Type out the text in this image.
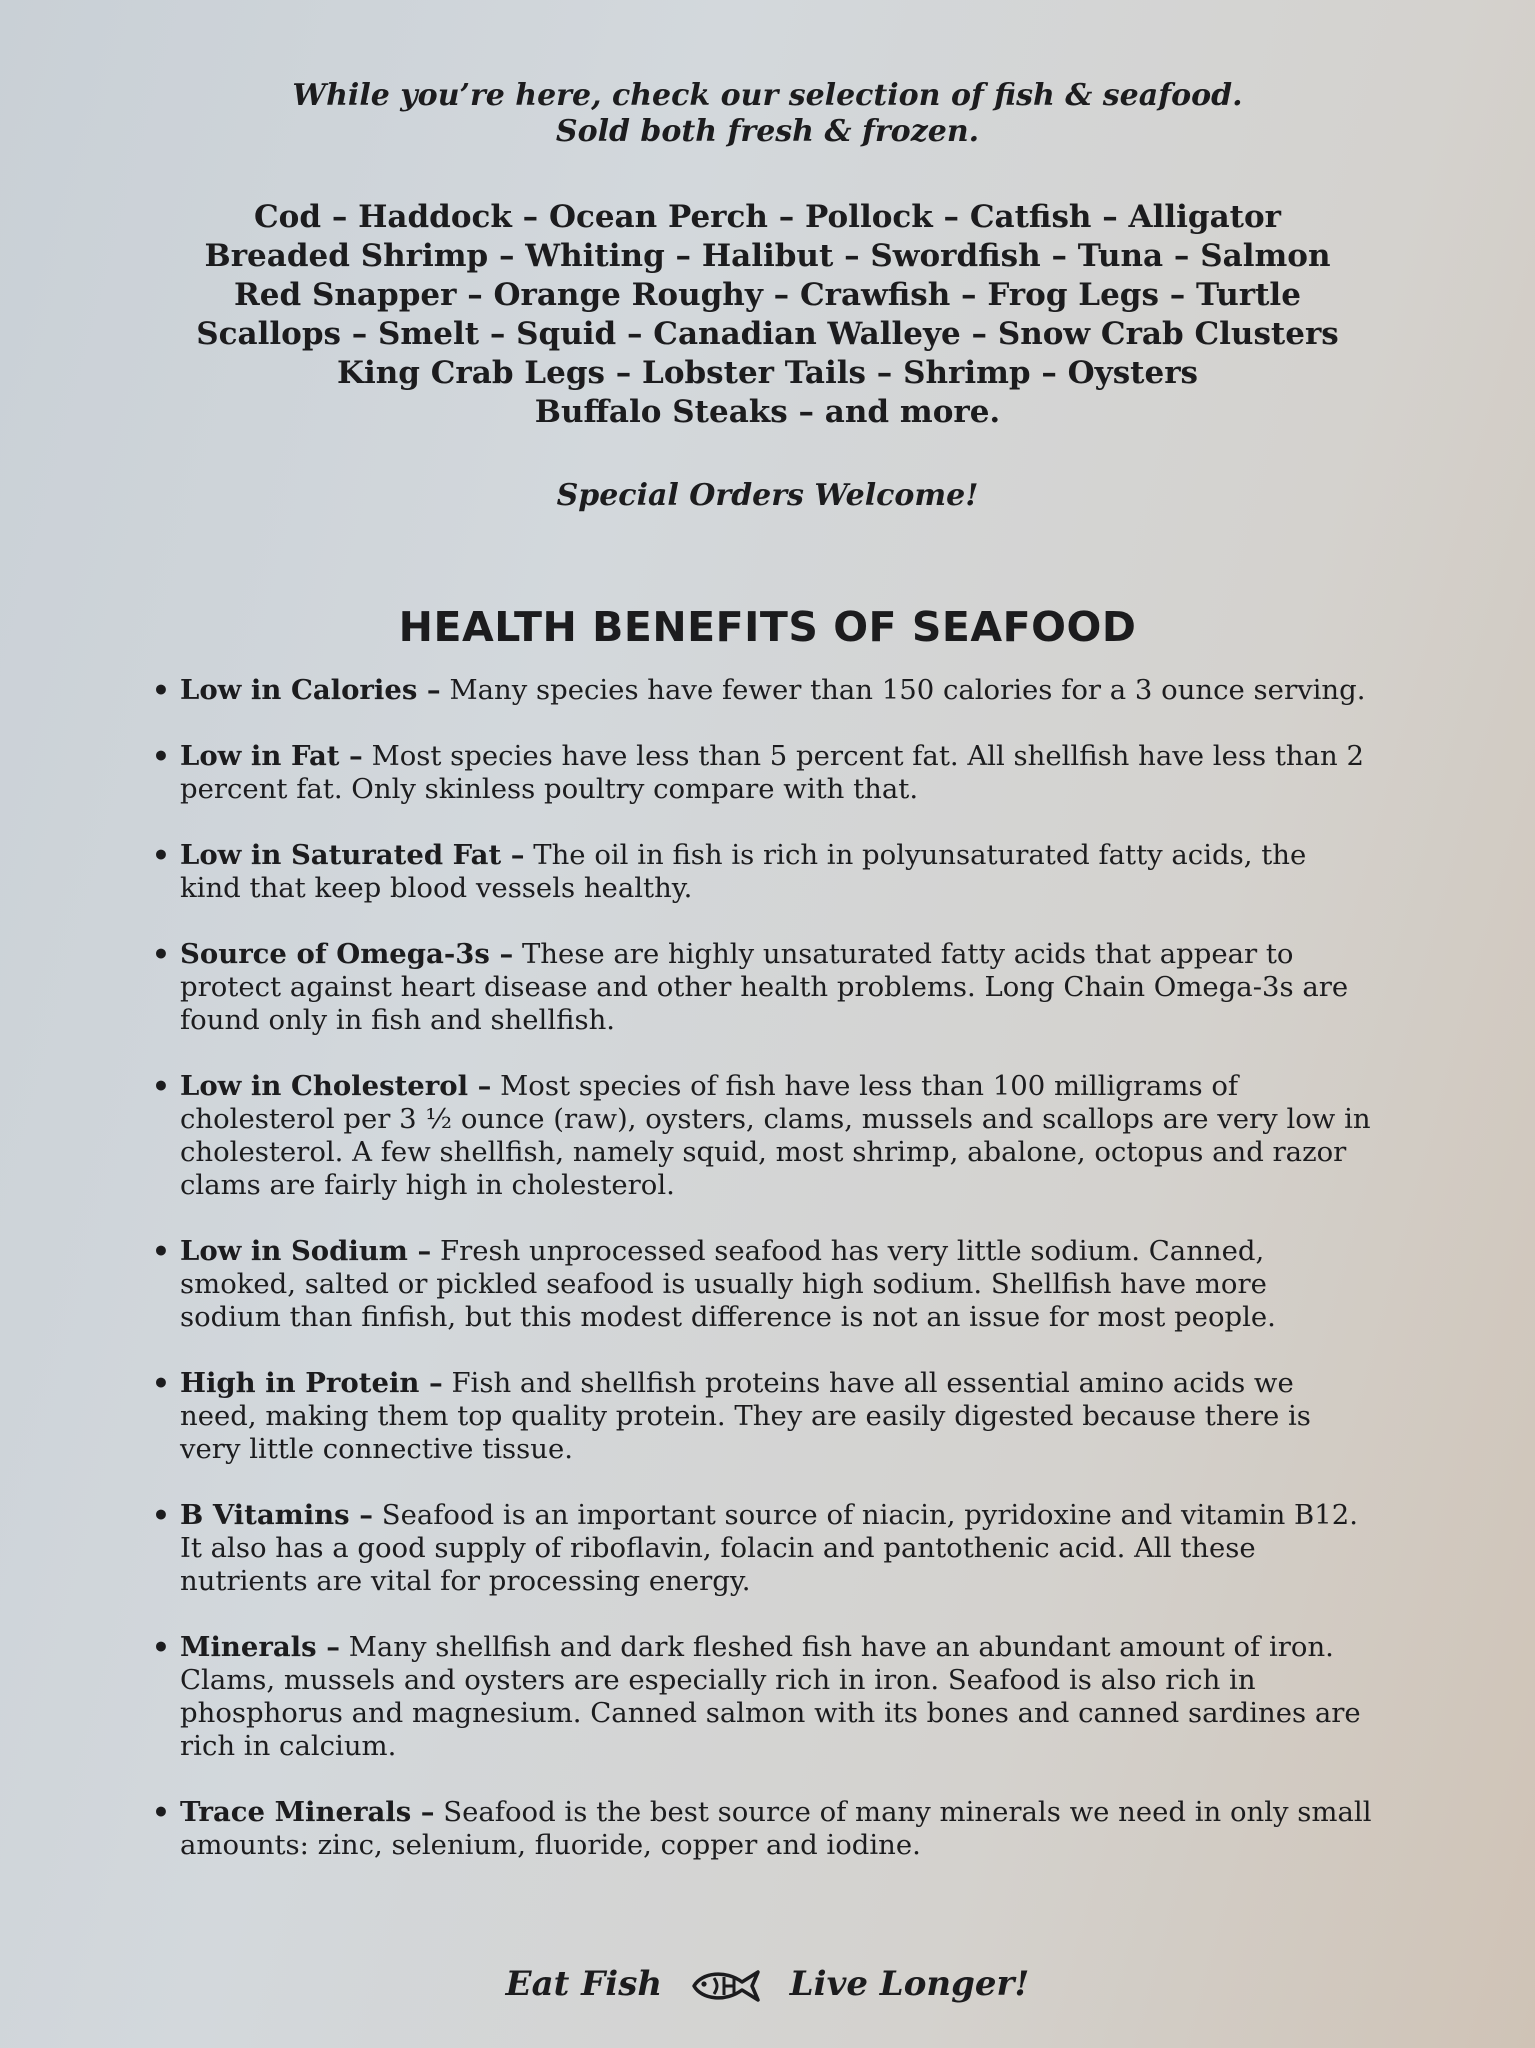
While you’re here, check our selection of fish & seafood.

Sold both fresh & frozen.

Cod – Haddock – Ocean Perch – Pollock – Catfish – Alligator

Breaded Shrimp – Whiting – Halibut – Swordfish – Tuna – Salmon

Red Snapper – Orange Roughy – Crawfish – Frog Legs – Turtle

Scallops – Smelt – Squid – Canadian Walleye – Snow Crab Clusters

King Crab Legs – Lobster Tails – Shrimp – Oysters

Buffalo Steaks – and more.

Special Orders Welcome!
HEALTH BENEFITS OF SEAFOOD
• Low in Calories – Many species have fewer than 150 calories for a 3 ounce serving.
• Low in Fat – Most species have less than 5 percent fat. All shellfish have less than 2 percent fat. Only skinless poultry compare with that.
• Low in Saturated Fat – The oil in fish is rich in polyunsaturated fatty acids, the kind that keep blood vessels healthy.
• Source of Omega-3s – These are highly unsaturated fatty acids that appear to protect against heart disease and other health problems. Long Chain Omega-3s are found only in fish and shellfish.
• Low in Cholesterol – Most species of fish have less than 100 milligrams of cholesterol per 3 ½ ounce (raw), oysters, clams, mussels and scallops are very low in cholesterol. A few shellfish, namely squid, most shrimp, abalone, octopus and razor clams are fairly high in cholesterol.
• Low in Sodium – Fresh unprocessed seafood has very little sodium. Canned, smoked, salted or pickled seafood is usually high sodium. Shellfish have more sodium than finfish, but this modest difference is not an issue for most people.
• High in Protein – Fish and shellfish proteins have all essential amino acids we need, making them top quality protein. They are easily digested because there is very little connective tissue.
• B Vitamins – Seafood is an important source of niacin, pyridoxine and vitamin B12. It also has a good supply of riboflavin, folacin and pantothenic acid. All these nutrients are vital for processing energy.
• Minerals – Many shellfish and dark fleshed fish have an abundant amount of iron. Clams, mussels and oysters are especially rich in iron. Seafood is also rich in phosphorus and magnesium. Canned salmon with its bones and canned sardines are rich in calcium.
• Trace Minerals – Seafood is the best source of many minerals we need in only small amounts: zinc, selenium, fluoride, copper and iodine.
Eat Fish	Live Longer!
